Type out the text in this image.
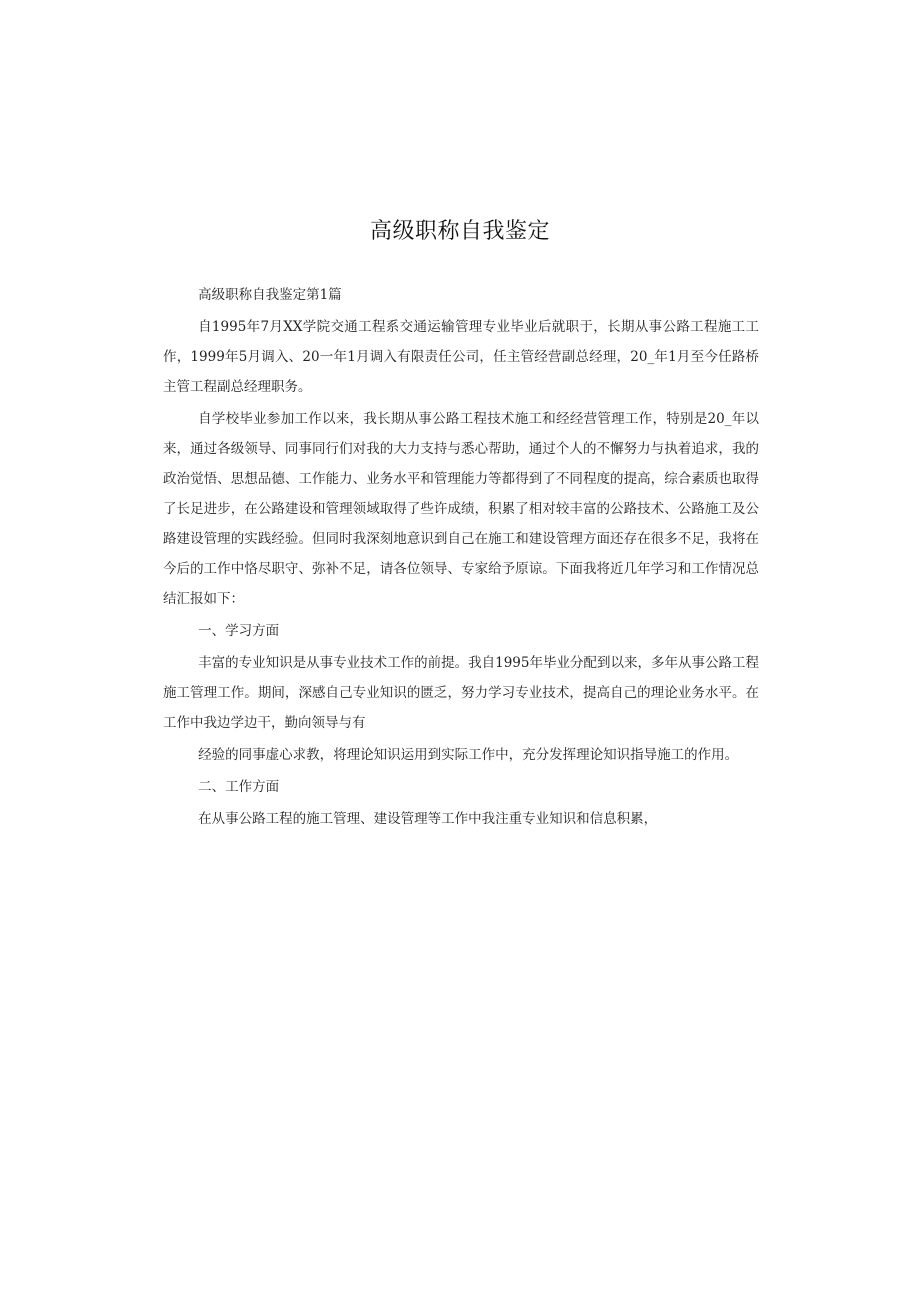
高级职称自我鉴定

高级职称自我鉴定第1篇

自1995年7月XX学院交通工程系交通运输管理专业毕业后就职于，长期从事公路工程施工工作，1999年5月调入、20一年1月调入有限责任公司，任主管经营副总经理，20_年1月至今任路桥主管工程副总经理职务。

自学校毕业参加工作以来，我长期从事公路工程技术施工和经经营管理工作，特别是20_年以来，通过各级领导、同事同行们对我的大力支持与悉心帮助，通过个人的不懈努力与执着追求，我的政治觉悟、思想品德、工作能力、业务水平和管理能力等都得到了不同程度的提高，综合素质也取得了长足进步，在公路建设和管理领域取得了些许成绩，积累了相对较丰富的公路技术、公路施工及公路建设管理的实践经验。但同时我深刻地意识到自己在施工和建设管理方面还存在很多不足，我将在今后的工作中恪尽职守、弥补不足，请各位领导、专家给予原谅。下面我将近几年学习和工作情况总结汇报如下：

一、学习方面

丰富的专业知识是从事专业技术工作的前提。我自1995年毕业分配到以来，多年从事公路工程施工管理工作。期间，深感自己专业知识的匮乏，努力学习专业技术，提高自己的理论业务水平。在工作中我边学边干，勤向领导与有

经验的同事虚心求教，将理论知识运用到实际工作中，充分发挥理论知识指导施工的作用。

二、工作方面

在从事公路工程的施工管理、建设管理等工作中我注重专业知识和信息积累，
